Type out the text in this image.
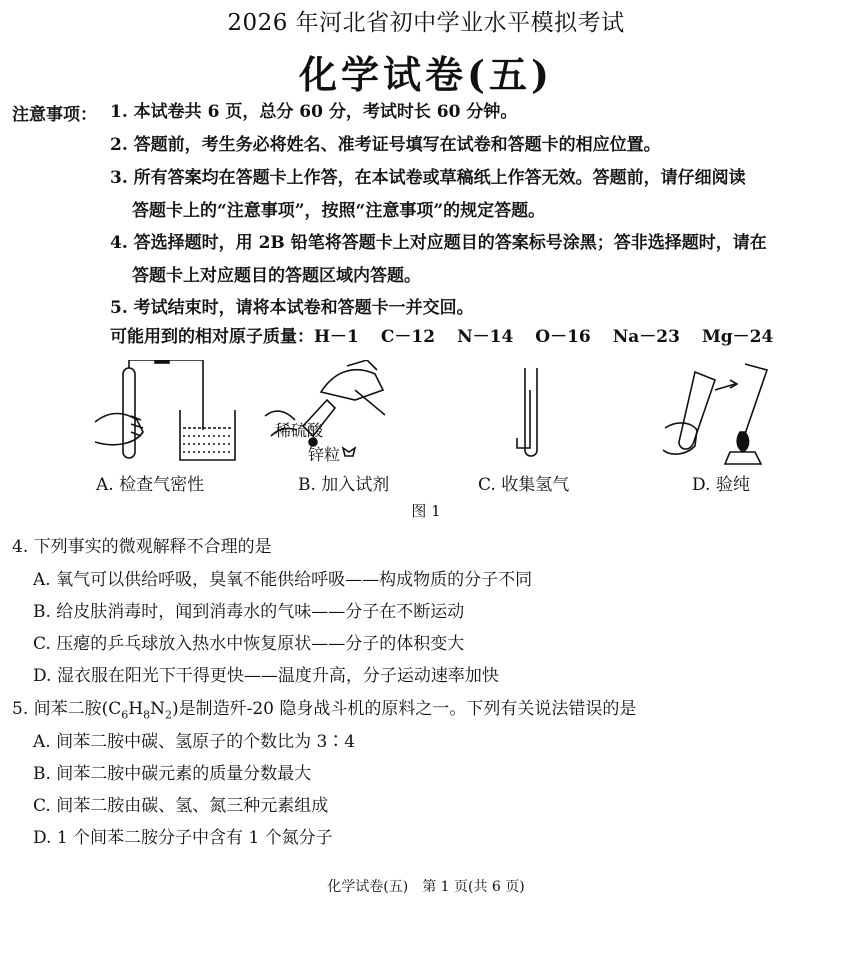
2026 年河北省初中学业水平模拟考试
化学试卷(五)
注意事项： 1. 本试卷共 6 页，总分 60 分，考试时长 60 分钟。
2. 答题前，考生务必将姓名、准考证号填写在试卷和答题卡的相应位置。
3. 所有答案均在答题卡上作答，在本试卷或草稿纸上作答无效。答题前，请仔细阅读
答题卡上的“注意事项”，按照“注意事项”的规定答题。
4. 答选择题时，用 2B 铅笔将答题卡上对应题目的答案标号涂黑；答非选择题时，请在
答题卡上对应题目的答题区域内答题。
5. 考试结束时，请将本试卷和答题卡一并交回。
可能用到的相对原子质量：H－1 C－12 N－14 O－16 Na－23 Mg－24
稀硫酸
锌粒
A. 检查气密性	B. 加入试剂	C. 收集氢气	D. 验纯
图 1
4. 下列事实的微观解释不合理的是
A. 氧气可以供给呼吸，臭氧不能供给呼吸——构成物质的分子不同
B. 给皮肤消毒时，闻到消毒水的气味——分子在不断运动
C. 压瘪的乒乓球放入热水中恢复原状——分子的体积变大
D. 湿衣服在阳光下干得更快——温度升高，分子运动速率加快
5. 间苯二胺$(C_6H_8N_2)$是制造歼-20 隐身战斗机的原料之一。下列有关说法错误的是
A. 间苯二胺中碳、氢原子的个数比为 3∶4
B. 间苯二胺中碳元素的质量分数最大
C. 间苯二胺由碳、氢、氮三种元素组成
D. 1 个间苯二胺分子中含有 1 个氮分子
化学试卷(五)　第 1 页(共 6 页)
